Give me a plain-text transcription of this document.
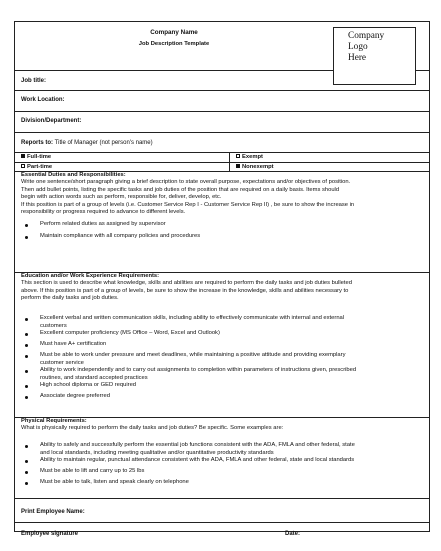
Company Name
Job Description Template
Company
Logo
Here
Job title:
Work Location:
Division/Department:
Reports to: Title of Manager (not person's name)
Full-time	Exempt
Part-time	Nonexempt
Essential Duties and Responsibilities:
Write one sentence/short paragraph giving a brief description to state overall purpose, expectations and/or objectives of position.
Then add bullet points, listing the specific tasks and job duties of the position that are required on a daily basis. Items should
begin with action words such as perform, responsible for, deliver, develop, etc.
If this position is part of a group of levels (i.e. Customer Service Rep I - Customer Service Rep II) , be sure to show the increase in
responsibility or progress required to advance to different levels.
Perform related duties as assigned by supervisor
Maintain compliance with all company policies and procedures
Education and/or Work Experience Requirements:
This section is used to describe what knowledge, skills and abilities are required to perform the daily tasks and job duties bulleted
above. If this position is part of a group of levels, be sure to show the increase in the knowledge, skills and abilities necessary to
perform the daily tasks and job duties.
Excellent verbal and written communication skills, including ability to effectively communicate with internal and external
customers
Excellent computer proficiency (MS Office – Word, Excel and Outlook)
Must have A+ certification
Must be able to work under pressure and meet deadlines, while maintaining a positive attitude and providing exemplary
customer service
Ability to work independently and to carry out assignments to completion within parameters of instructions given, prescribed
routines, and standard accepted practices
High school diploma or GED required
Associate degree preferred
Physical Requirements:
What is physically required to perform the daily tasks and job duties? Be specific. Some examples are:
Ability to safely and successfully perform the essential job functions consistent with the ADA, FMLA and other federal, state
and local standards, including meeting qualitative and/or quantitative productivity standards
Ability to maintain regular, punctual attendance consistent with the ADA, FMLA and other federal, state and local standards
Must be able to lift and carry up to 25 lbs
Must be able to talk, listen and speak clearly on telephone
Print Employee Name:
Employee signature	Date:
